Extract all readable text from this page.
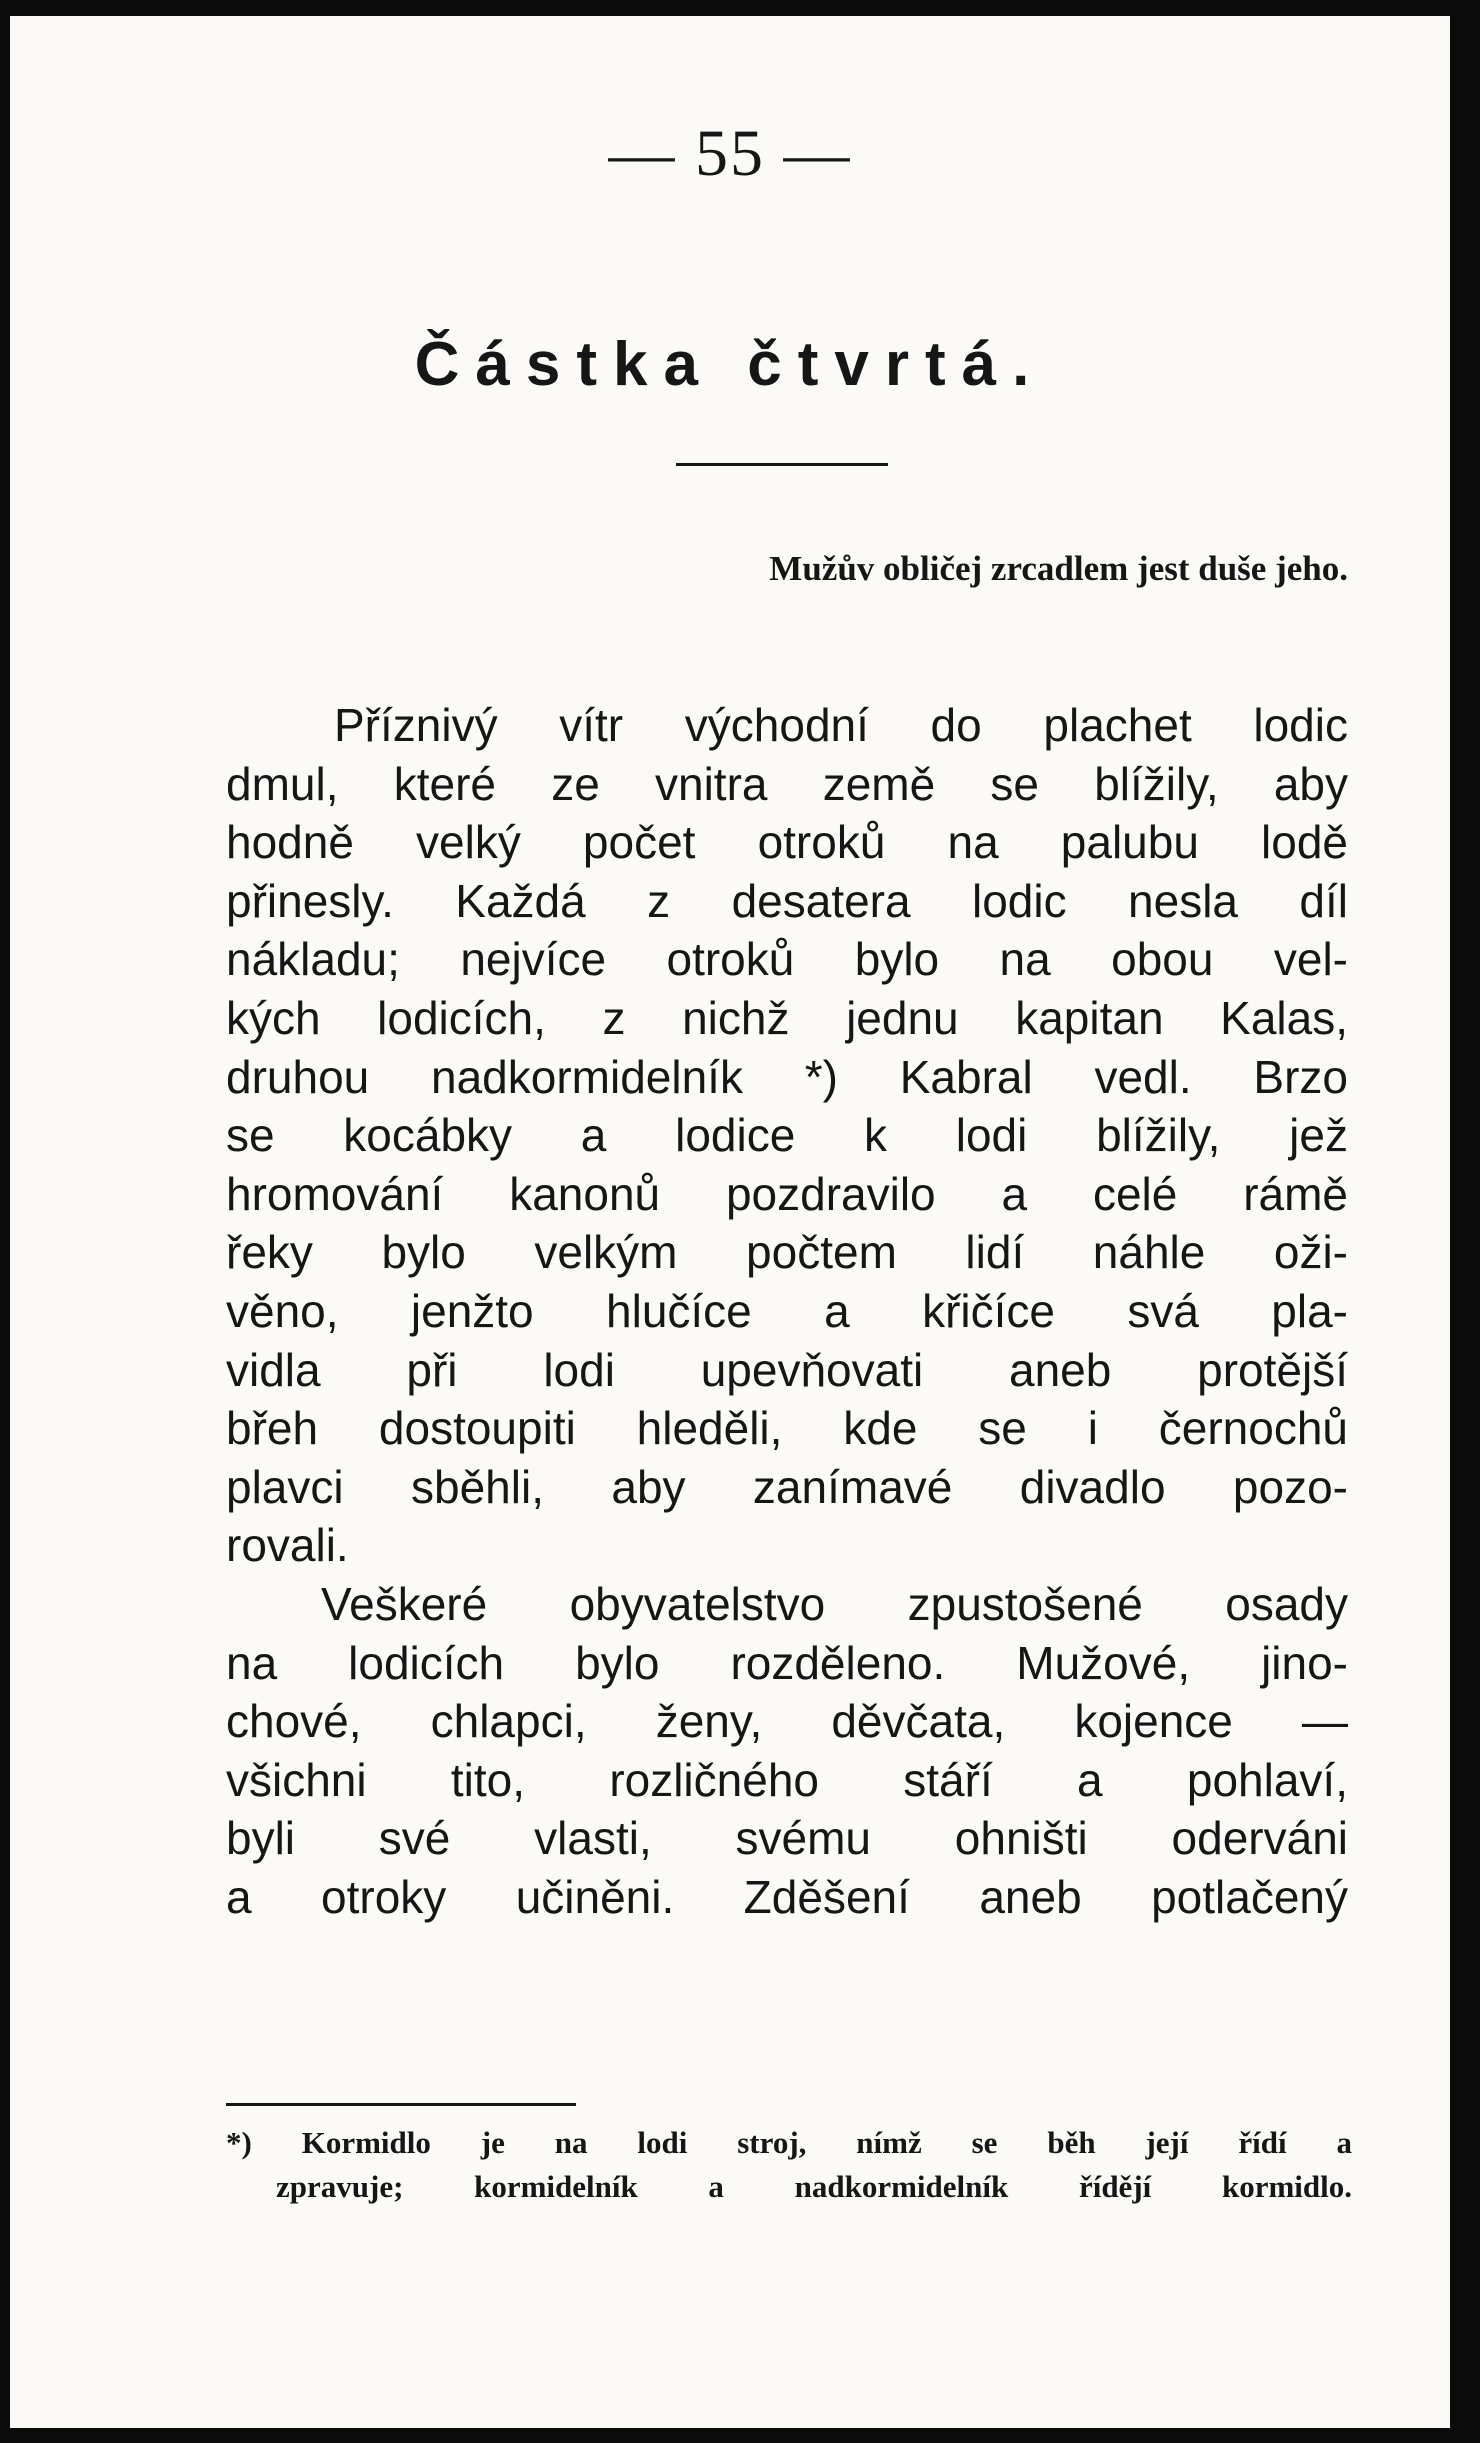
— 55 —
Částka čtvrtá.
Mužův obličej zrcadlem jest duše jeho.
Příznivý vítr východní do plachet lodic
dmul, které ze vnitra země se blížily, aby
hodně velký počet otroků na palubu lodě
přinesly. Každá z desatera lodic nesla díl
nákladu; nejvíce otroků bylo na obou vel-
kých lodicích, z nichž jednu kapitan Kalas,
druhou nadkormidelník *) Kabral vedl. Brzo
se kocábky a lodice k lodi blížily, jež
hromování kanonů pozdravilo a celé rámě
řeky bylo velkým počtem lidí náhle oži-
věno, jenžto hlučíce a křičíce svá pla-
vidla při lodi upevňovati aneb protější
břeh dostoupiti hleděli, kde se i černochů
plavci sběhli, aby zanímavé divadlo pozo-
rovali.
Veškeré obyvatelstvo zpustošené osady
na lodicích bylo rozděleno. Mužové, jino-
chové, chlapci, ženy, děvčata, kojence —
všichni tito, rozličného stáří a pohlaví,
byli své vlasti, svému ohništi oderváni
a otroky učiněni. Zděšení aneb potlačený
*) Kormidlo je na lodi stroj, nímž se běh její řídí a
zpravuje; kormidelník a nadkormidelník řídějí kormidlo.
